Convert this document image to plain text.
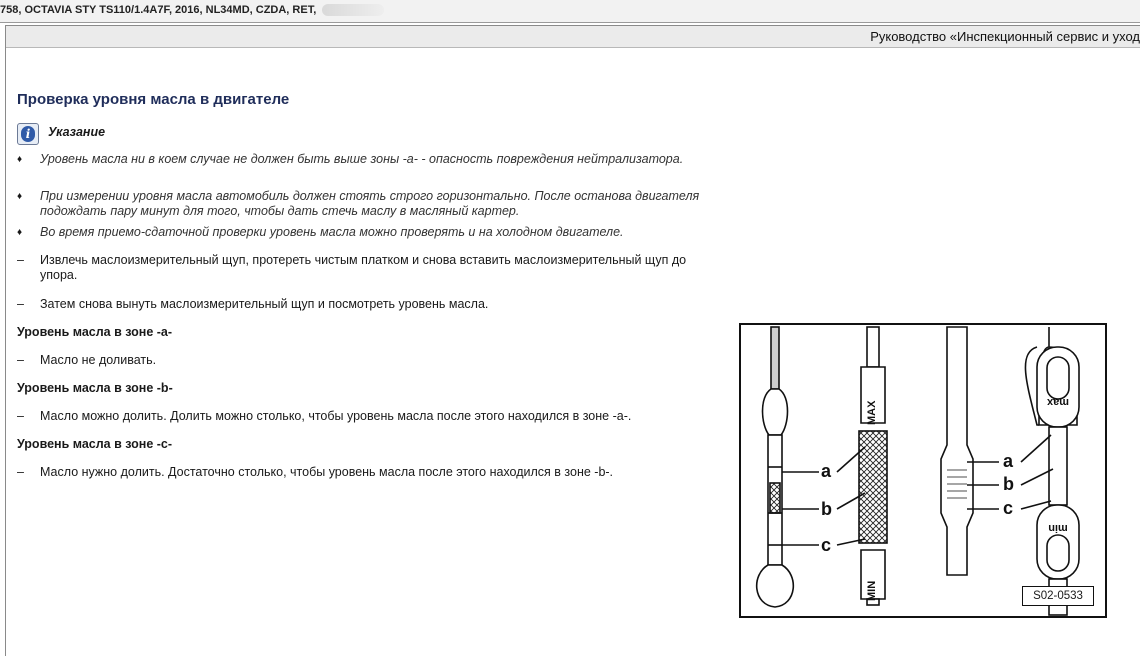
758, OCTAVIA STY TS110/1.4A7F, 2016, NL34MD, CZDA, RET,
Руководство «Инспекционный сервис и уход
Проверка уровня масла в двигателе
i	Указание
♦	Уровень масла ни в коем случае не должен быть выше зоны -a- - опасность повреждения нейтрализатора.
♦	При измерении уровня масла автомобиль должен стоять строго горизонтально. После останова двигателя подождать пару минут для того, чтобы дать стечь маслу в масляный картер.
♦	Во время приемо-сдаточной проверки уровень масла можно проверять и на холодном двигателе.
–	Извлечь маслоизмерительный щуп, протереть чистым платком и снова вставить маслоизмерительный щуп до упора.
–	Затем снова вынуть маслоизмерительный щуп и посмотреть уровень масла.
Уровень масла в зоне -a-
–	Масло не доливать.
Уровень масла в зоне -b-
–	Масло можно долить. Долить можно столько, чтобы уровень масла после этого находился в зоне -a-.
Уровень масла в зоне -c-
–	Масло нужно долить. Достаточно столько, чтобы уровень масла после этого находился в зоне -b-.	a
b
c
a
b
c
MAX
MIN
max
min
S02-0533
